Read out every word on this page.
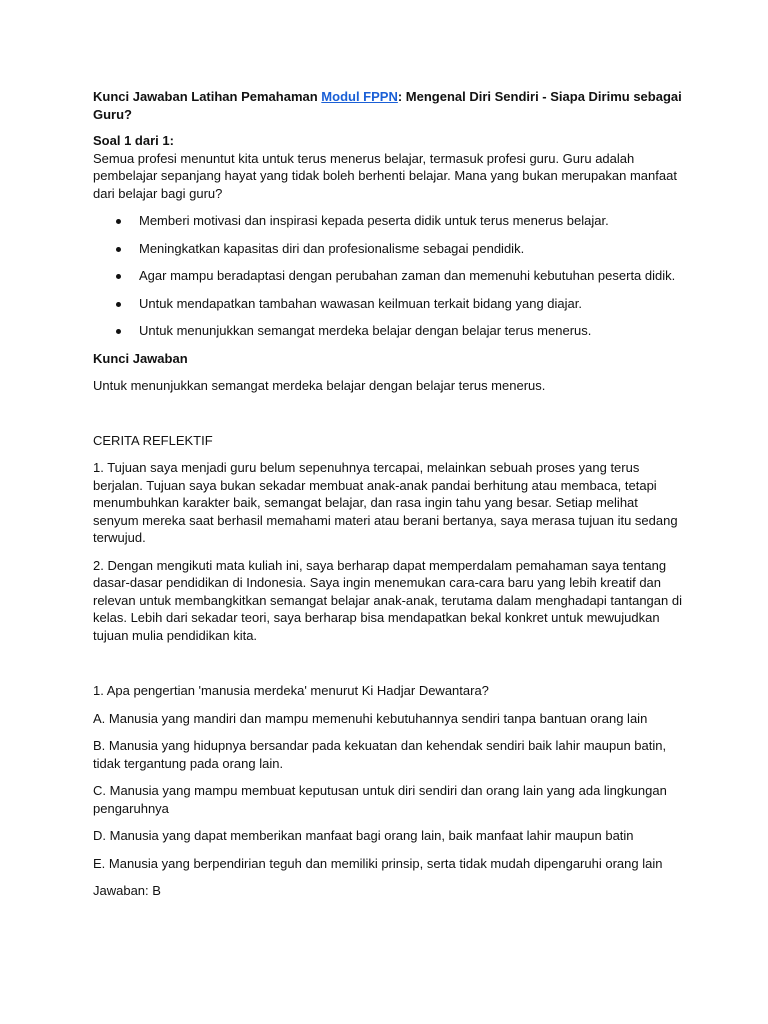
Kunci Jawaban Latihan Pemahaman Modul FPPN: Mengenal Diri Sendiri - Siapa Dirimu sebagai Guru?

Soal 1 dari 1:

Semua profesi menuntut kita untuk terus menerus belajar, termasuk profesi guru. Guru adalah pembelajar sepanjang hayat yang tidak boleh berhenti belajar. Mana yang bukan merupakan manfaat dari belajar bagi guru?

Memberi motivasi dan inspirasi kepada peserta didik untuk terus menerus belajar.
Meningkatkan kapasitas diri dan profesionalisme sebagai pendidik.
Agar mampu beradaptasi dengan perubahan zaman dan memenuhi kebutuhan peserta didik.
Untuk mendapatkan tambahan wawasan keilmuan terkait bidang yang diajar.
Untuk menunjukkan semangat merdeka belajar dengan belajar terus menerus.

Kunci Jawaban

Untuk menunjukkan semangat merdeka belajar dengan belajar terus menerus.

CERITA REFLEKTIF

1. Tujuan saya menjadi guru belum sepenuhnya tercapai, melainkan sebuah proses yang terus berjalan. Tujuan saya bukan sekadar membuat anak-anak pandai berhitung atau membaca, tetapi menumbuhkan karakter baik, semangat belajar, dan rasa ingin tahu yang besar. Setiap melihat senyum mereka saat berhasil memahami materi atau berani bertanya, saya merasa tujuan itu sedang terwujud.

2. Dengan mengikuti mata kuliah ini, saya berharap dapat memperdalam pemahaman saya tentang dasar-dasar pendidikan di Indonesia. Saya ingin menemukan cara-cara baru yang lebih kreatif dan relevan untuk membangkitkan semangat belajar anak-anak, terutama dalam menghadapi tantangan di kelas. Lebih dari sekadar teori, saya berharap bisa mendapatkan bekal konkret untuk mewujudkan tujuan mulia pendidikan kita.

1. Apa pengertian 'manusia merdeka' menurut Ki Hadjar Dewantara?

A. Manusia yang mandiri dan mampu memenuhi kebutuhannya sendiri tanpa bantuan orang lain

B. Manusia yang hidupnya bersandar pada kekuatan dan kehendak sendiri baik lahir maupun batin, tidak tergantung pada orang lain.

C. Manusia yang mampu membuat keputusan untuk diri sendiri dan orang lain yang ada lingkungan pengaruhnya

D. Manusia yang dapat memberikan manfaat bagi orang lain, baik manfaat lahir maupun batin

E. Manusia yang berpendirian teguh dan memiliki prinsip, serta tidak mudah dipengaruhi orang lain

Jawaban: B
